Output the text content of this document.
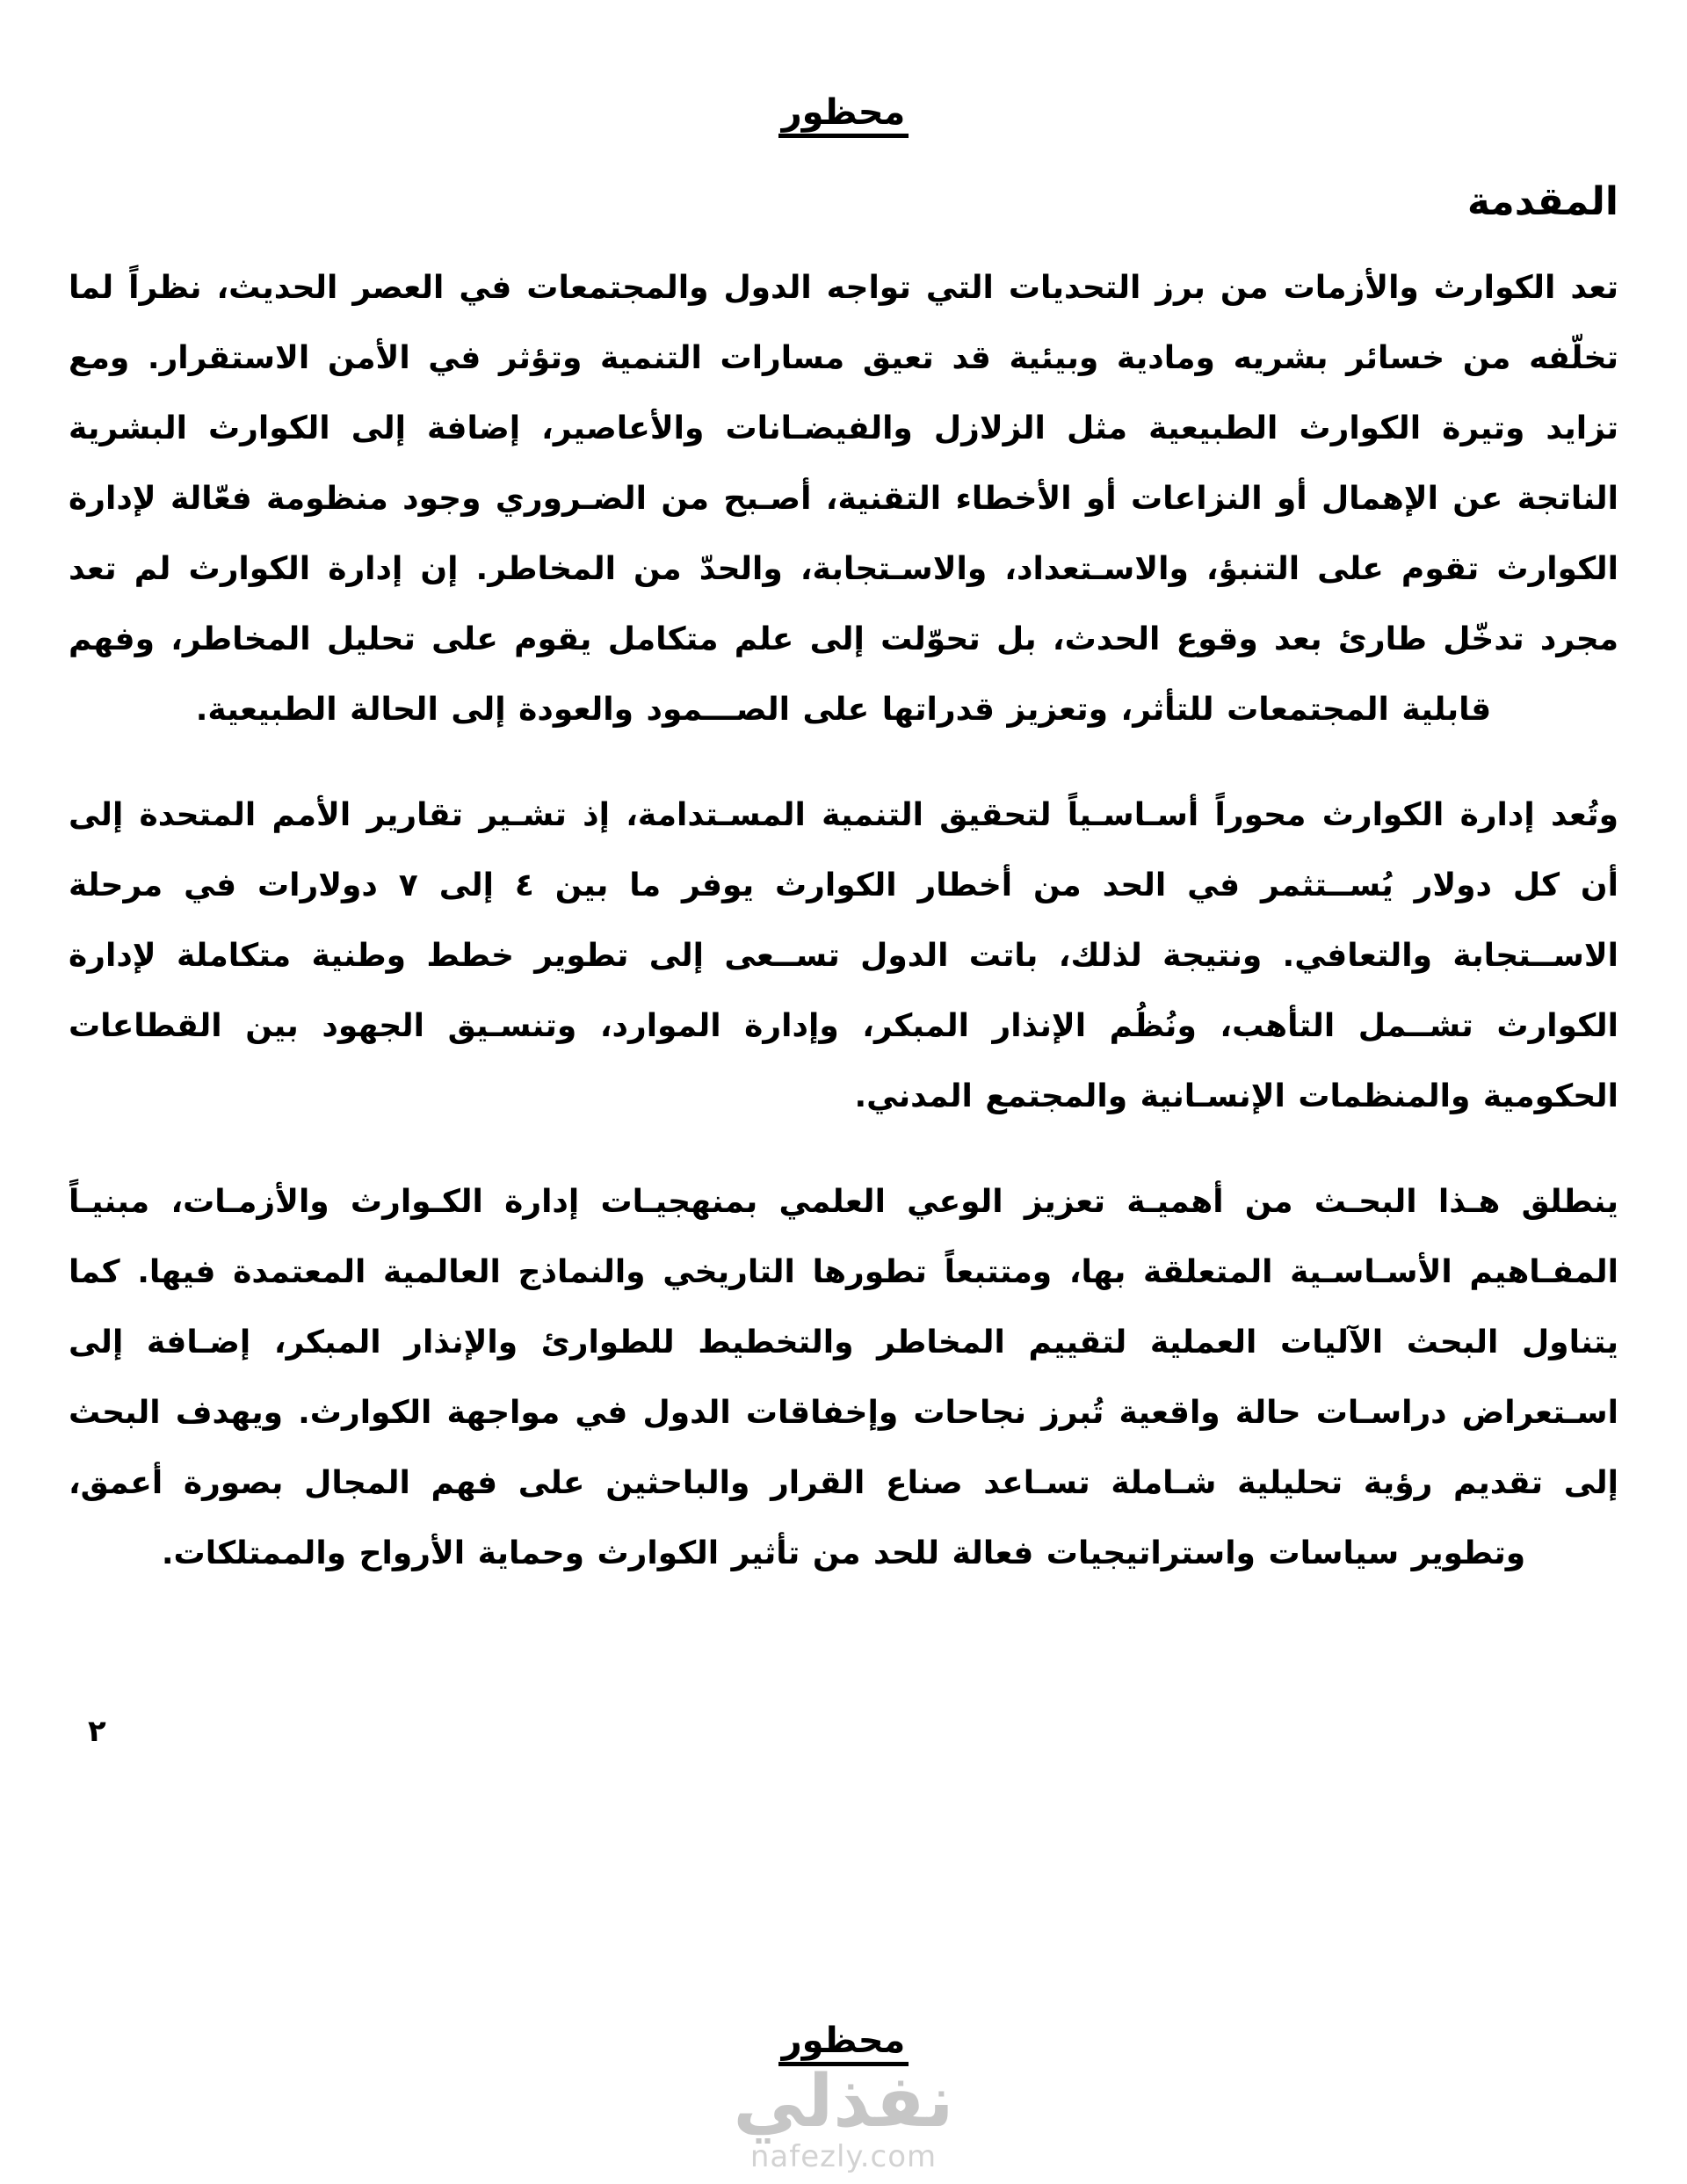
محظور
المقدمة

تعد الكوارث والأزمات من برز التحديات التي تواجه الدول والمجتمعات في العصر الحديث، نظراً لما تخلّفه من خسائر بشريه ومادية وبيئية قد تعيق مسارات التنمية وتؤثر في الأمن الاستقرار. ومع تزايد وتيرة الكوارث الطبيعية مثل الزلازل والفيضـانات والأعاصير، إضافة إلى الكوارث البشرية الناتجة عن الإهمال أو النزاعات أو الأخطاء التقنية، أصـبح من الضـروري وجود منظومة فعّالة لإدارة الكوارث تقوم على التنبؤ، والاسـتعداد، والاسـتجابة، والحدّ من المخاطر. إن إدارة الكوارث لم تعد مجرد تدخّل طارئ بعد وقوع الحدث، بل تحوّلت إلى علم متكامل يقوم على تحليل المخاطر، وفهم قابلية المجتمعات للتأثر، وتعزيز قدراتها على الصـــمود والعودة إلى الحالة الطبيعية.

وتُعد إدارة الكوارث محوراً أسـاسـياً لتحقيق التنمية المسـتدامة، إذ تشـير تقارير الأمم المتحدة إلى أن كل دولار يُســتثمر في الحد من أخطار الكوارث يوفر ما بين ٤ إلى ٧ دولارات في مرحلة الاســتجابة والتعافي. ونتيجة لذلك، باتت الدول تســعى إلى تطوير خطط وطنية متكاملة لإدارة الكوارث تشــمل التأهب، ونُظُم الإنذار المبكر، وإدارة الموارد، وتنسـيق الجهود بين القطاعات الحكومية والمنظمات الإنسـانية والمجتمع المدني.

ينطلق هـذا البحـث من أهميـة تعزيز الوعي العلمي بمنهجيـات إدارة الكـوارث والأزمـات، مبنيـاً المفـاهيم الأسـاسـية المتعلقة بها، ومتتبعاً تطورها التاريخي والنماذج العالمية المعتمدة فيها. كما يتناول البحث الآليات العملية لتقييم المخاطر والتخطيط للطوارئ والإنذار المبكر، إضـافة إلى اسـتعراض دراسـات حالة واقعية تُبرز نجاحات وإخفاقات الدول في مواجهة الكوارث. ويهدف البحث إلى تقديم رؤية تحليلية شـاملة تسـاعد صناع القرار والباحثين على فهم المجال بصورة أعمق، وتطوير سياسات واستراتيجيات فعالة للحد من تأثير الكوارث وحماية الأرواح والممتلكات.

٢
محظور
نفذلي
nafezly.com
